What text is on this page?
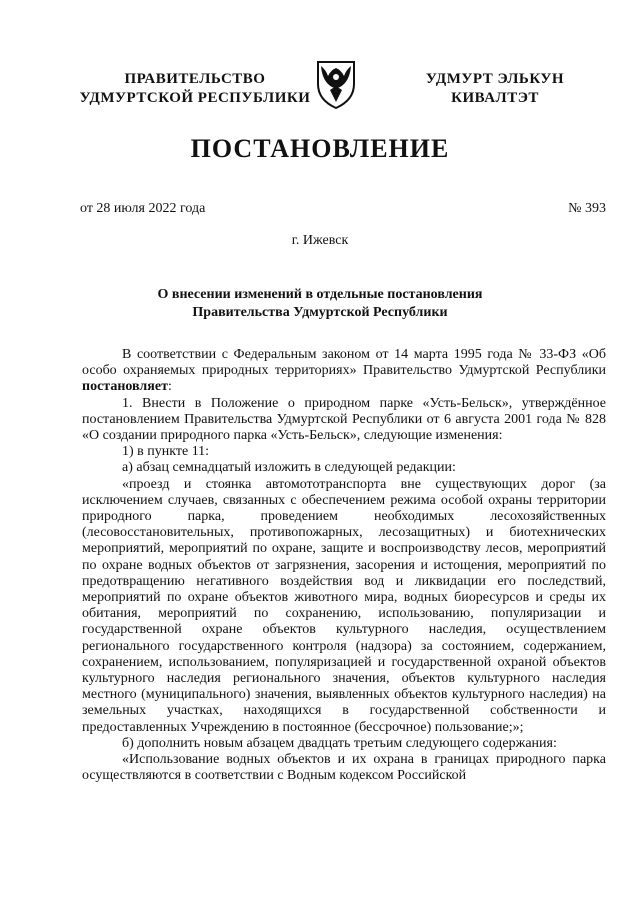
ПРАВИТЕЛЬСТВО
УДМУРТСКОЙ РЕСПУБЛИКИ
УДМУРТ ЭЛЬКУН
КИВАЛТЭТ
ПОСТАНОВЛЕНИЕ
от 28 июля 2022 года	№ 393
г. Ижевск
О внесении изменений в отдельные постановления
Правительства Удмуртской Республики

В соответствии с Федеральным законом от 14 марта 1995 года № 33-ФЗ «Об особо охраняемых природных территориях» Правительство Удмуртской Республики постановляет:

1. Внести в Положение о природном парке «Усть-Бельск», утверждённое постановлением Правительства Удмуртской Республики от 6 августа 2001 года № 828 «О создании природного парка «Усть-Бельск», следующие изменения:

1) в пункте 11:

а) абзац семнадцатый изложить в следующей редакции:

«проезд и стоянка автомототранспорта вне существующих дорог (за исключением случаев, связанных с обеспечением режима особой охраны территории природного парка, проведением необходимых лесохозяйственных (лесовосстановительных, противопожарных, лесозащитных) и биотехнических мероприятий, мероприятий по охране, защите и воспроизводству лесов, мероприятий по охране водных объектов от загрязнения, засорения и истощения, мероприятий по предотвращению негативного воздействия вод и ликвидации его последствий, мероприятий по охране объектов животного мира, водных биоресурсов и среды их обитания, мероприятий по сохранению, использованию, популяризации и государственной охране объектов культурного наследия, осуществлением регионального государственного контроля (надзора) за состоянием, содержанием, сохранением, использованием, популяризацией и государственной охраной объектов культурного наследия регионального значения, объектов культурного наследия местного (муниципального) значения, выявленных объектов культурного наследия) на земельных участках, находящихся в государственной собственности и предоставленных Учреждению в постоянное (бессрочное) пользование;»;

б) дополнить новым абзацем двадцать третьим следующего содержания:

«Использование водных объектов и их охрана в границах природного парка осуществляются в соответствии с Водным кодексом Российской
